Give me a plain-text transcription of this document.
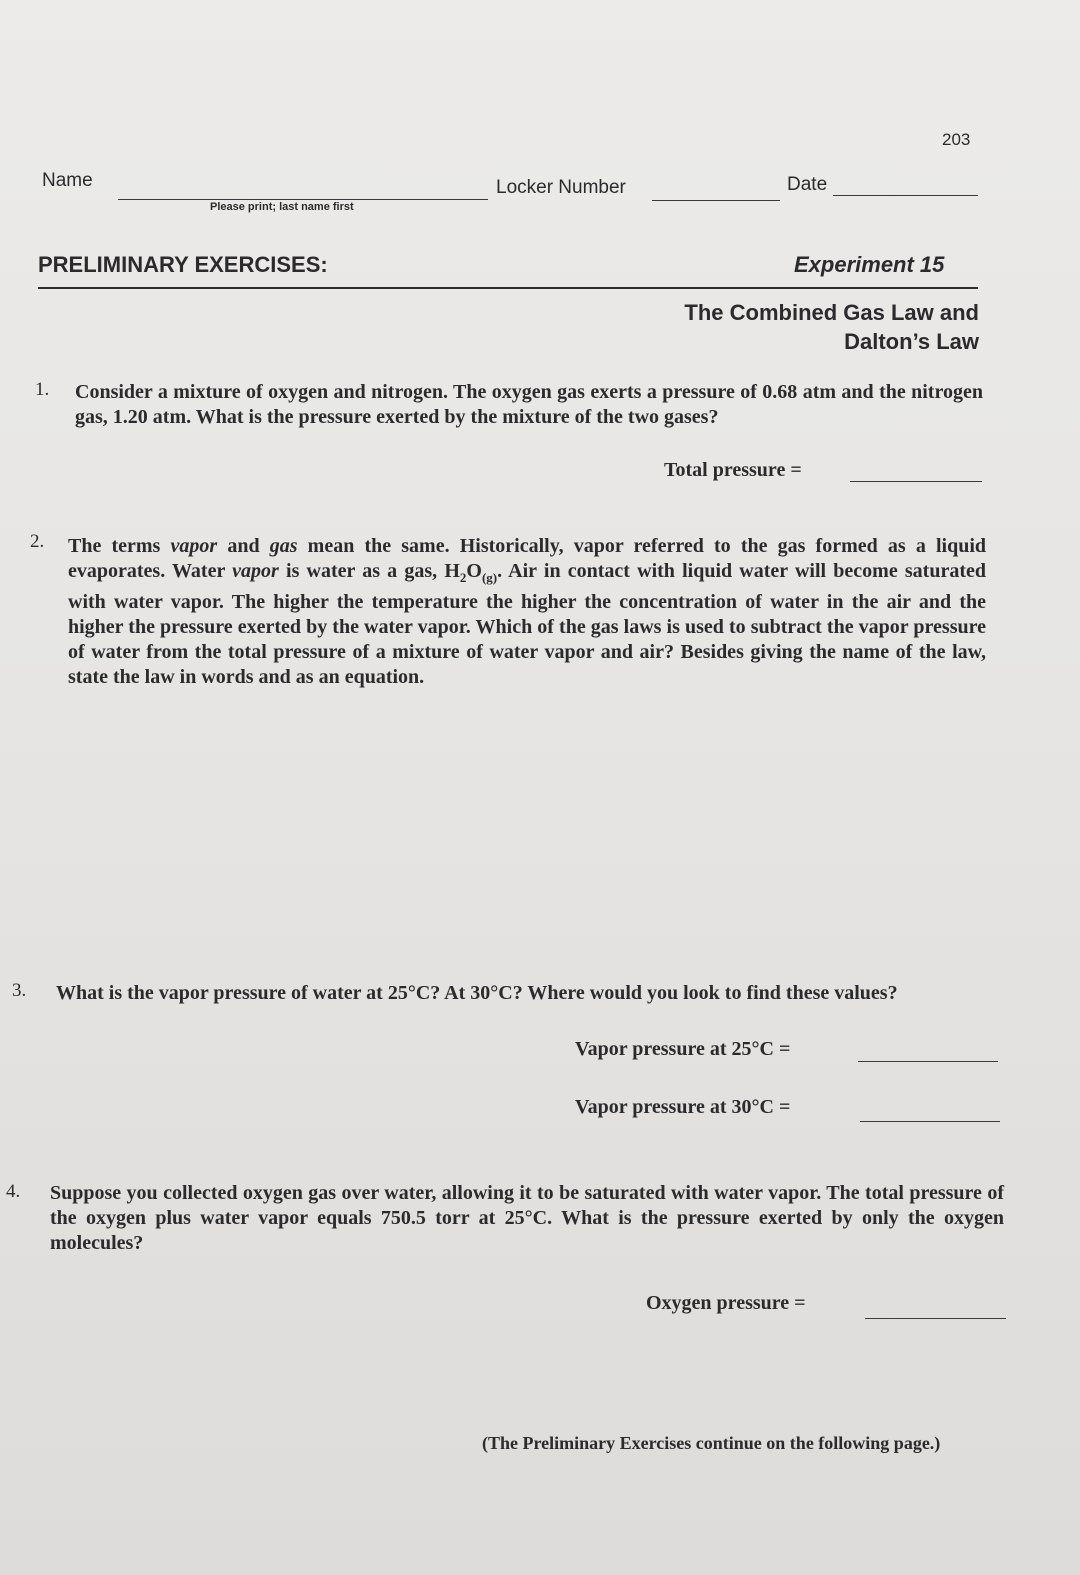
203
Name
Please print; last name first
Locker Number	Date
PRELIMINARY EXERCISES:	Experiment 15
The Combined Gas Law and
Dalton’s Law
1. Consider a mixture of oxygen and nitrogen. The oxygen gas exerts a pressure of 0.68 atm and the nitrogen gas, 1.20 atm. What is the pressure exerted by the mixture of the two gases?
Total pressure =
2. The terms vapor and gas mean the same. Historically, vapor referred to the gas formed as a liquid evaporates. Water vapor is water as a gas, $H_2O_{(g)}$. Air in contact with liquid water will become saturated with water vapor. The higher the temperature the higher the concentration of water in the air and the higher the pressure exerted by the water vapor. Which of the gas laws is used to subtract the vapor pressure of water from the total pressure of a mixture of water vapor and air? Besides giving the name of the law, state the law in words and as an equation.
3. What is the vapor pressure of water at 25°C? At 30°C? Where would you look to find these values?
Vapor pressure at 25°C =
Vapor pressure at 30°C =
4. Suppose you collected oxygen gas over water, allowing it to be saturated with water vapor. The total pressure of the oxygen plus water vapor equals 750.5 torr at 25°C. What is the pressure exerted by only the oxygen molecules?
Oxygen pressure =
(The Preliminary Exercises continue on the following page.)
